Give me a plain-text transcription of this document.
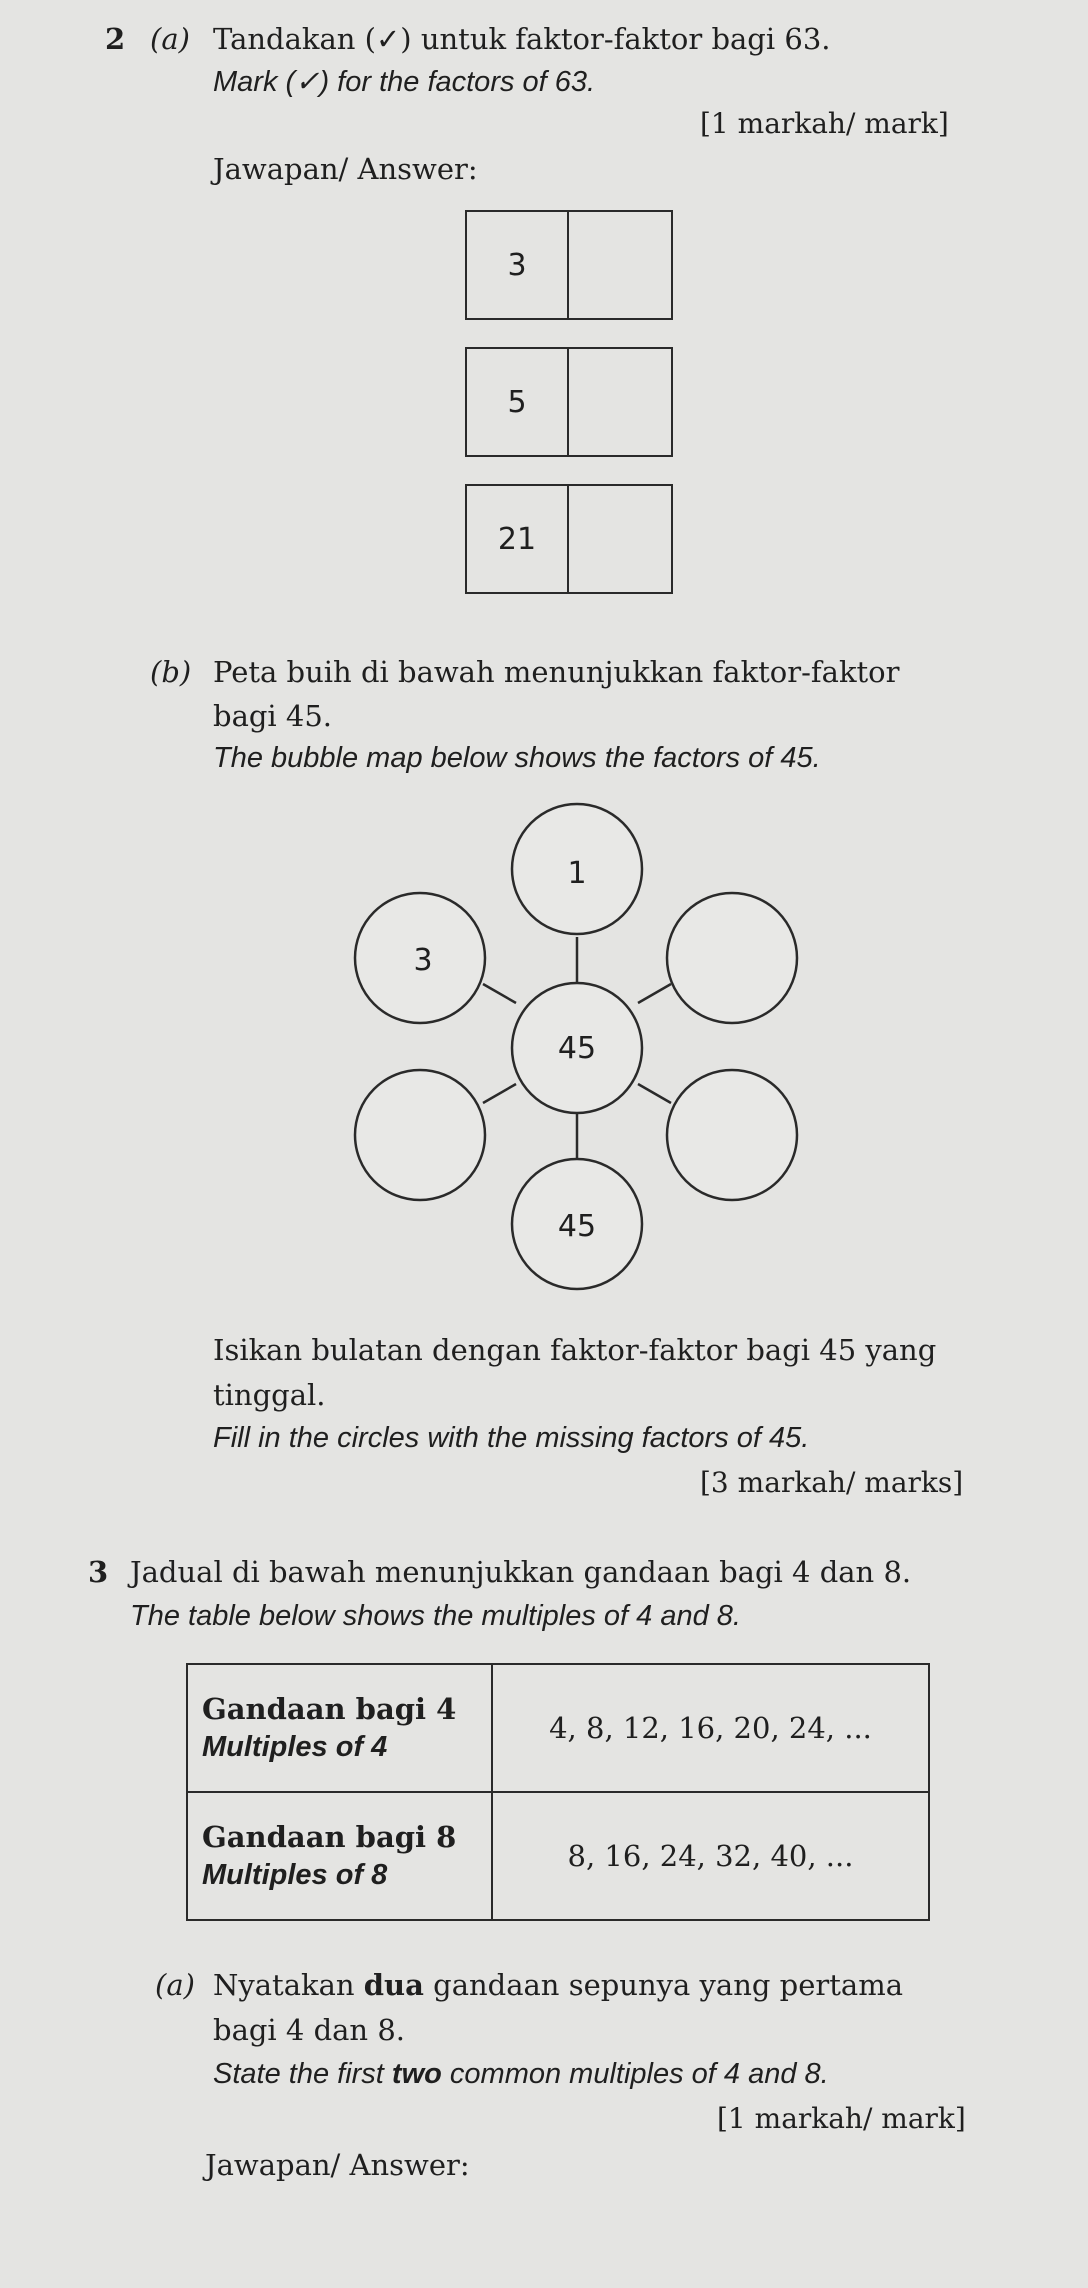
2 (a) Tandakan (✓) untuk faktor-faktor bagi 63.
Mark (✓) for the factors of 63.
[1 markah/ mark]
Jawapan/ Answer:
3
5
21
(b) Peta buih di bawah menunjukkan faktor-faktor
bagi 45.
The bubble map below shows the factors of 45.
1
3
45
45
Isikan bulatan dengan faktor-faktor bagi 45 yang
tinggal.
Fill in the circles with the missing factors of 45.
[3 markah/ marks]
3 Jadual di bawah menunjukkan gandaan bagi 4 dan 8.
The table below shows the multiples of 4 and 8.
Gandaan bagi 4
Multiples of 4	4, 8, 12, 16, 20, 24, ...

Gandaan bagi 8
Multiples of 8	8, 16, 24, 32, 40, ...
(a) Nyatakan dua gandaan sepunya yang pertama
bagi 4 dan 8.
State the first two common multiples of 4 and 8.
[1 markah/ mark]
Jawapan/ Answer:
